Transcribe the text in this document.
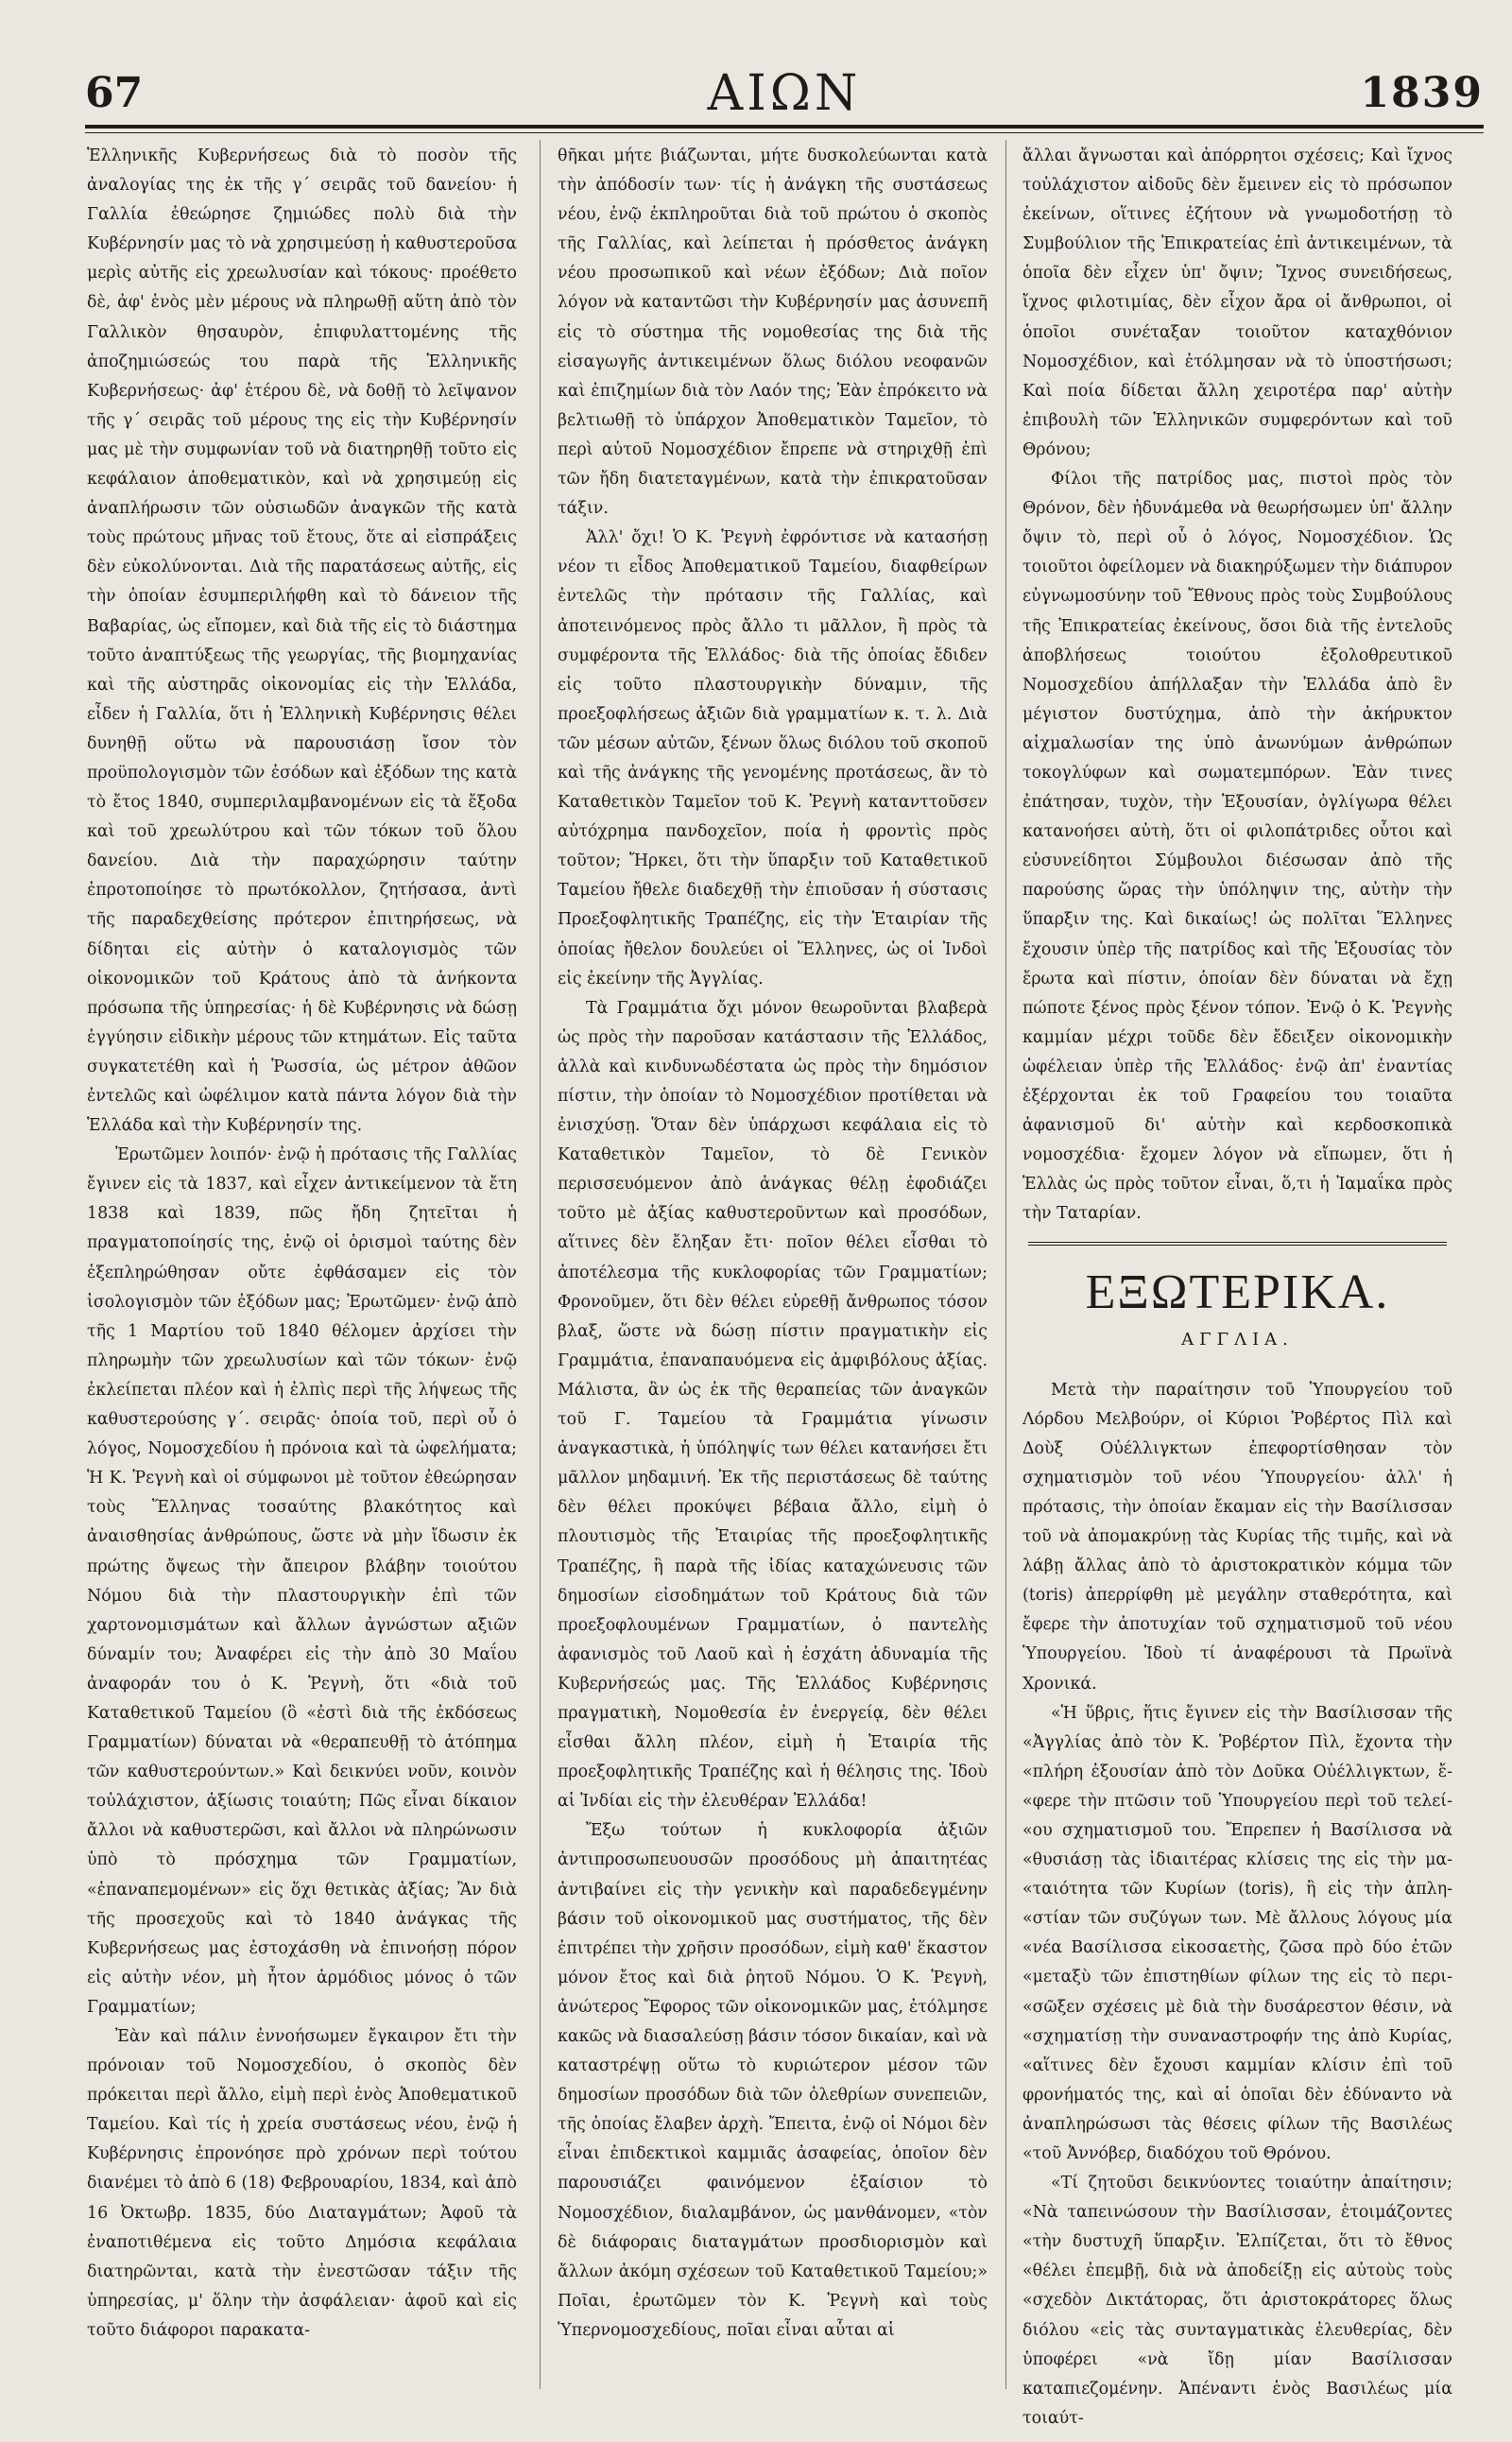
67	ΑΙΩΝ	1839

Ἑλληνικῆς Κυβερνήσεως διὰ τὸ ποσὸν τῆς ἀναλογίας της ἐκ τῆς γ΄ σειρᾶς τοῦ δανείου· ἡ Γαλλία ἐθεώρησε ζημιώδες πολὺ διὰ τὴν Κυβέρνησίν μας τὸ νὰ χρησιμεύσῃ ἡ καθυστεροῦσα μερὶς αὐτῆς εἰς χρεωλυσίαν καὶ τόκους· προέθετο δὲ, ἀφ' ἑνὸς μὲν μέρους νὰ πληρωθῇ αὕτη ἀπὸ τὸν Γαλλικὸν θησαυρὸν, ἐπιφυλαττομένης τῆς ἀποζημιώσεώς του παρὰ τῆς Ἑλληνικῆς Κυβερνήσεως· ἀφ' ἑτέρου δὲ, νὰ δοθῇ τὸ λεῖψανον τῆς γ΄ σειρᾶς τοῦ μέρους της εἰς τὴν Κυβέρνησίν μας μὲ τὴν συμφωνίαν τοῦ νὰ διατηρηθῇ τοῦτο εἰς κεφάλαιον ἀποθεματικὸν, καὶ νὰ χρησιμεύῃ εἰς ἀναπλήρωσιν τῶν οὐσιωδῶν ἀναγκῶν τῆς κατὰ τοὺς πρώτους μῆνας τοῦ ἔτους, ὅτε αἱ εἰσπράξεις δὲν εὐκολύνονται. Διὰ τῆς παρατάσεως αὐτῆς, εἰς τὴν ὁποίαν ἐσυμπεριλήφθη καὶ τὸ δάνειον τῆς Βαβαρίας, ὡς εἴπομεν, καὶ διὰ τῆς εἰς τὸ διάστημα τοῦτο ἀναπτύξεως τῆς γεωργίας, τῆς βιομηχανίας καὶ τῆς αὐστηρᾶς οἰκονομίας εἰς τὴν Ἑλλάδα, εἶδεν ἡ Γαλλία, ὅτι ἡ Ἑλληνικὴ Κυβέρνησις θέλει δυνηθῇ οὕτω νὰ παρουσιάσῃ ἴσον τὸν προϋπολογισμὸν τῶν ἐσόδων καὶ ἐξόδων της κατὰ τὸ ἔτος 1840, συμπεριλαμβανομένων εἰς τὰ ἔξοδα καὶ τοῦ χρεωλύτρου καὶ τῶν τόκων τοῦ ὅλου δανείου. Διὰ τὴν παραχώρησιν ταύτην ἐπροτοποίησε τὸ πρωτόκολλον, ζητήσασα, ἀντὶ τῆς παραδεχθείσης πρότερον ἐπιτηρήσεως, νὰ δίδηται εἰς αὐτὴν ὁ καταλογισμὸς τῶν οἰκονομικῶν τοῦ Κράτους ἀπὸ τὰ ἁνήκοντα πρόσωπα τῆς ὑπηρεσίας· ἡ δὲ Κυβέρνησις νὰ δώσῃ ἐγγύησιν εἰδικὴν μέρους τῶν κτημάτων. Εἰς ταῦτα συγκατετέθη καὶ ἡ Ῥωσσία, ὡς μέτρον ἀθῶον ἐντελῶς καὶ ὠφέλιμον κατὰ πάντα λόγον διὰ τὴν Ἑλλάδα καὶ τὴν Κυβέρνησίν της.

Ἐρωτῶμεν λοιπόν· ἐνῷ ἡ πρότασις τῆς Γαλλίας ἔγινεν εἰς τὰ 1837, καὶ εἶχεν ἀντικείμενον τὰ ἔτη 1838 καὶ 1839, πῶς ἤδη ζητεῖται ἡ πραγματοποίησίς της, ἐνῷ οἱ ὁρισμοὶ ταύτης δὲν ἐξεπληρώθησαν οὔτε ἐφθάσαμεν εἰς τὸν ἰσολογισμὸν τῶν ἐξόδων μας; Ἐρωτῶμεν· ἐνῷ ἀπὸ τῆς 1 Μαρτίου τοῦ 1840 θέλομεν ἀρχίσει τὴν πληρωμὴν τῶν χρεωλυσίων καὶ τῶν τόκων· ἐνῷ ἐκλείπεται πλέον καὶ ἡ ἐλπὶς περὶ τῆς λήψεως τῆς καθυστερούσης γ΄. σειρᾶς· ὁποία τοῦ, περὶ οὗ ὁ λόγος, Νομοσχεδίου ἡ πρόνοια καὶ τὰ ὠφελήματα; Ἡ Κ. Ῥεγνὴ καὶ οἱ σύμφωνοι μὲ τοῦτον ἐθεώρησαν τοὺς Ἕλληνας τοσαύτης βλακότητος καὶ ἀναισθησίας ἀνθρώπους, ὥστε νὰ μὴν ἴδωσιν ἐκ πρώτης ὄψεως τὴν ἄπειρον βλάβην τοιούτου Νόμου διὰ τὴν πλαστουργικὴν ἐπὶ τῶν χαρτονομισμάτων καὶ ἄλλων ἀγνώστων αξιῶν δύναμίν του; Ἀναφέρει εἰς τὴν ἀπὸ 30 Μαΐου ἀναφοράν του ὁ Κ. Ῥεγνὴ, ὅτι «διὰ τοῦ Καταθετικοῦ Ταμείου (ὃ «ἐστὶ διὰ τῆς ἐκδόσεως Γραμματίων) δύναται νὰ «θεραπευθῇ τὸ ἀτόπημα τῶν καθυστερούντων.» Καὶ δεικνύει νοῦν, κοινὸν τοὐλάχιστον, ἀξίωσις τοιαύτη; Πῶς εἶναι δίκαιον ἄλλοι νὰ καθυστερῶσι, καὶ ἄλλοι νὰ πληρώνωσιν ὑπὸ τὸ πρόσχημα τῶν Γραμματίων, «ἐπαναπεμομένων» εἰς ὅχι θετικὰς ἀξίας; Ἂν διὰ τῆς προσεχοῦς καὶ τὸ 1840 ἀνάγκας τῆς Κυβερνήσεως μας ἐστοχάσθη νὰ ἐπινοήσῃ πόρον εἰς αὐτὴν νέον, μὴ ἦτον ἁρμόδιος μόνος ὁ τῶν Γραμματίων;

Ἐὰν καὶ πάλιν ἐννοήσωμεν ἔγκαιρον ἔτι τὴν πρόνοιαν τοῦ Νομοσχεδίου, ὁ σκοπὸς δὲν πρόκειται περὶ ἄλλο, εἰμὴ περὶ ἑνὸς Ἀποθεματικοῦ Ταμείου. Καὶ τίς ἡ χρεία συστάσεως νέου, ἐνῷ ἡ Κυβέρνησις ἐπρονόησε πρὸ χρόνων περὶ τούτου διανέμει τὸ ἀπὸ 6 (18) Φεβρουαρίου, 1834, καὶ ἀπὸ 16 Ὀκτωβρ. 1835, δύο Διαταγμάτων; Ἀφοῦ τὰ ἐναποτιθέμενα εἰς τοῦτο Δημόσια κεφάλαια διατηρῶνται, κατὰ τὴν ἐνεστῶσαν τάξιν τῆς ὑπηρεσίας, μ' ὅλην τὴν ἀσφάλειαν· ἀφοῦ καὶ εἰς τοῦτο διάφοροι παρακατα-

θῆκαι μήτε βιάζωνται, μήτε δυσκολεύωνται κατὰ τὴν ἀπόδοσίν των· τίς ἡ ἀνάγκη τῆς συστάσεως νέου, ἐνῷ ἐκπληροῦται διὰ τοῦ πρώτου ὁ σκοπὸς τῆς Γαλλίας, καὶ λείπεται ἡ πρόσθετος ἀνάγκη νέου προσωπικοῦ καὶ νέων ἐξόδων; Διὰ ποῖον λόγον νὰ καταντῶσι τὴν Κυβέρνησίν μας ἀσυνεπῆ εἰς τὸ σύστημα τῆς νομοθεσίας της διὰ τῆς εἰσαγωγῆς ἀντικειμένων ὅλως διόλου νεοφανῶν καὶ ἐπιζημίων διὰ τὸν Λαόν της; Ἐὰν ἐπρόκειτο νὰ βελτιωθῇ τὸ ὑπάρχον Ἀποθεματικὸν Ταμεῖον, τὸ περὶ αὐτοῦ Νομοσχέδιον ἔπρεπε νὰ στηριχθῇ ἐπὶ τῶν ἤδη διατεταγμένων, κατὰ τὴν ἐπικρατοῦσαν τάξιν.

Ἀλλ' ὄχι! Ὁ Κ. Ῥεγνὴ ἐφρόντισε νὰ κατασήσῃ νέον τι εἶδος Ἀποθεματικοῦ Ταμείου, διαφθείρων ἐντελῶς τὴν πρότασιν τῆς Γαλλίας, καὶ ἀποτεινόμενος πρὸς ἄλλο τι μᾶλλον, ἢ πρὸς τὰ συμφέροντα τῆς Ἑλλάδος· διὰ τῆς ὁποίας ἔδιδεν εἰς τοῦτο πλαστουργικὴν δύναμιν, τῆς προεξοφλήσεως ἀξιῶν διὰ γραμματίων κ. τ. λ. Διὰ τῶν μέσων αὐτῶν, ξένων ὅλως διόλου τοῦ σκοποῦ καὶ τῆς ἀνάγκης τῆς γενομένης προτάσεως, ἂν τὸ Καταθετικὸν Ταμεῖον τοῦ Κ. Ῥεγνὴ κατανττοῦσεν αὐτόχρημα πανδοχεῖον, ποία ἡ φροντὶς πρὸς τοῦτον; Ἤρκει, ὅτι τὴν ὕπαρξιν τοῦ Καταθετικοῦ Ταμείου ἤθελε διαδεχθῇ τὴν ἐπιοῦσαν ἡ σύστασις Προεξοφλητικῆς Τραπέζης, εἰς τὴν Ἑταιρίαν τῆς ὁποίας ἤθελον δουλεύει οἱ Ἕλληνες, ὡς οἱ Ἰνδοὶ εἰς ἐκείνην τῆς Ἀγγλίας.

Τὰ Γραμμάτια ὄχι μόνον θεωροῦνται βλαβερὰ ὡς πρὸς τὴν παροῦσαν κατάστασιν τῆς Ἑλλάδος, ἀλλὰ καὶ κινδυνωδέστατα ὡς πρὸς τὴν δημόσιον πίστιν, τὴν ὁποίαν τὸ Νομοσχέδιον προτίθεται νὰ ἐνισχύσῃ. Ὅταν δὲν ὑπάρχωσι κεφάλαια εἰς τὸ Καταθετικὸν Ταμεῖον, τὸ δὲ Γενικὸν περισσευόμενον ἀπὸ ἀνάγκας θέλῃ ἐφοδιάζει τοῦτο μὲ ἀξίας καθυστεροῦντων καὶ προσόδων, αἵτινες δὲν ἔληξαν ἔτι· ποῖον θέλει εἶσθαι τὸ ἀποτέλεσμα τῆς κυκλοφορίας τῶν Γραμματίων; Φρονοῦμεν, ὅτι δὲν θέλει εὑρεθῇ ἄνθρωπος τόσον βλαξ, ὥστε νὰ δώσῃ πίστιν πραγματικὴν εἰς Γραμμάτια, ἐπαναπαυόμενα εἰς ἀμφιβόλους ἀξίας. Μάλιστα, ἂν ὡς ἐκ τῆς θεραπείας τῶν ἀναγκῶν τοῦ Γ. Ταμείου τὰ Γραμμάτια γίνωσιν ἀναγκαστικὰ, ἡ ὑπόληψίς των θέλει κατανήσει ἔτι μᾶλλον μηδαμινή. Ἐκ τῆς περιστάσεως δὲ ταύτης δὲν θέλει προκύψει βέβαια ἄλλο, εἰμὴ ὁ πλουτισμὸς τῆς Ἑταιρίας τῆς προεξοφλητικῆς Τραπέζης, ἢ παρὰ τῆς ἰδίας καταχώνευσις τῶν δημοσίων εἰσοδημάτων τοῦ Κράτους διὰ τῶν προεξοφλουμένων Γραμματίων, ὁ παντελὴς ἀφανισμὸς τοῦ Λαοῦ καὶ ἡ ἐσχάτη ἀδυναμία τῆς Κυβερνήσεώς μας. Τῆς Ἑλλάδος Κυβέρνησις πραγματικὴ, Νομοθεσία ἐν ἐνεργείᾳ, δὲν θέλει εἶσθαι ἄλλη πλέον, εἰμὴ ἡ Ἑταιρία τῆς προεξοφλητικῆς Τραπέζης καὶ ἡ θέλησις της. Ἰδοὺ αἱ Ἰνδίαι εἰς τὴν ἐλευθέραν Ἑλλάδα!

Ἔξω τούτων ἡ κυκλοφορία ἀξιῶν ἀντιπροσωπευουσῶν προσόδους μὴ ἀπαιτητέας ἀντιβαίνει εἰς τὴν γενικὴν καὶ παραδεδεγμένην βάσιν τοῦ οἰκονομικοῦ μας συστήματος, τῆς δὲν ἐπιτρέπει τὴν χρῆσιν προσόδων, εἰμὴ καθ' ἕκαστον μόνον ἔτος καὶ διὰ ῥητοῦ Νόμου. Ὁ Κ. Ῥεγνὴ, ἀνώτερος Ἔφορος τῶν οἰκονομικῶν μας, ἐτόλμησε κακῶς νὰ διασαλεύσῃ βάσιν τόσον δικαίαν, καὶ νὰ καταστρέψῃ οὕτω τὸ κυριώτερον μέσον τῶν δημοσίων προσόδων διὰ τῶν ὀλεθρίων συνεπειῶν, τῆς ὁποίας ἔλαβεν ἀρχὴ. Ἔπειτα, ἐνῷ οἱ Νόμοι δὲν εἶναι ἐπιδεκτικοὶ καμμιᾶς ἀσαφείας, ὁποῖον δὲν παρουσιάζει φαινόμενον ἐξαίσιον τὸ Νομοσχέδιον, διαλαμβάνον, ὡς μανθάνομεν, «τὸν δὲ διάφοραις διαταγμάτων προσδιορισμὸν καὶ ἄλλων ἀκόμη σχέσεων τοῦ Καταθετικοῦ Ταμείου;» Ποῖαι, ἐρωτῶμεν τὸν Κ. Ῥεγνὴ καὶ τοὺς Ὑπερνομοσχεδίους, ποῖαι εἶναι αὗται αἱ

ἄλλαι ἄγνωσται καὶ ἀπόρρητοι σχέσεις; Καὶ ἴχνος τοὐλάχιστον αἰδοῦς δὲν ἔμεινεν εἰς τὸ πρόσωπον ἐκείνων, οἵτινες ἐζήτουν νὰ γνωμοδοτήσῃ τὸ Συμβούλιον τῆς Ἐπικρατείας ἐπὶ ἀντικειμένων, τὰ ὁποῖα δὲν εἶχεν ὑπ' ὄψιν; Ἴχνος συνειδήσεως, ἴχνος φιλοτιμίας, δὲν εἶχον ἄρα οἱ ἄνθρωποι, οἱ ὁποῖοι συνέταξαν τοιοῦτον καταχθόνιον Νομοσχέδιον, καὶ ἐτόλμησαν νὰ τὸ ὑποστήσωσι; Καὶ ποία δίδεται ἄλλη χειροτέρα παρ' αὐτὴν ἐπιβουλὴ τῶν Ἑλληνικῶν συμφερόντων καὶ τοῦ Θρόνου;

Φίλοι τῆς πατρίδος μας, πιστοὶ πρὸς τὸν Θρόνον, δὲν ἠδυνάμεθα νὰ θεωρήσωμεν ὑπ' ἄλλην ὄψιν τὸ, περὶ οὗ ὁ λόγος, Νομοσχέδιον. Ὡς τοιοῦτοι ὀφείλομεν νὰ διακηρύξωμεν τὴν διάπυρον εὐγνωμοσύνην τοῦ Ἔθνους πρὸς τοὺς Συμβούλους τῆς Ἐπικρατείας ἐκείνους, ὅσοι διὰ τῆς ἐντελοῦς ἀποβλήσεως τοιούτου ἐξολοθρευτικοῦ Νομοσχεδίου ἀπήλλαξαν τὴν Ἑλλάδα ἀπὸ ἓν μέγιστον δυστύχημα, ἀπὸ τὴν ἀκήρυκτον αἰχμαλωσίαν της ὑπὸ ἀνωνύμων ἀνθρώπων τοκογλύφων καὶ σωματεμπόρων. Ἐὰν τινες ἐπάτησαν, τυχὸν, τὴν Ἐξουσίαν, ὀγλίγωρα θέλει κατανοήσει αὐτὴ, ὅτι οἱ φιλοπάτριδες οὗτοι καὶ εὐσυνείδητοι Σύμβουλοι διέσωσαν ἀπὸ τῆς παρούσης ὥρας τὴν ὑπόληψιν της, αὐτὴν τὴν ὕπαρξιν της. Καὶ δικαίως! ὡς πολῖται Ἕλληνες ἔχουσιν ὑπὲρ τῆς πατρίδος καὶ τῆς Ἐξουσίας τὸν ἔρωτα καὶ πίστιν, ὁποίαν δὲν δύναται νὰ ἔχῃ πώποτε ξένος πρὸς ξένον τόπον. Ἐνῷ ὁ Κ. Ῥεγνὴς καμμίαν μέχρι τοῦδε δὲν ἔδειξεν οἰκονομικὴν ὠφέλειαν ὑπὲρ τῆς Ἑλλάδος· ἐνῷ ἀπ' ἐναντίας ἐξέρχονται ἐκ τοῦ Γραφείου του τοιαῦτα ἀφανισμοῦ δι' αὐτὴν καὶ κερδοσκοπικὰ νομοσχέδια· ἔχομεν λόγον νὰ εἴπωμεν, ὅτι ἡ Ἑλλὰς ὡς πρὸς τοῦτον εἶναι, ὅ,τι ἡ Ἰαμαΐκα πρὸς τὴν Ταταρίαν.

ΕΞΩΤΕΡΙΚΑ.
ΑΓΓΛΙΑ.

Μετὰ τὴν παραίτησιν τοῦ Ὑπουργείου τοῦ Λόρδου Μελβούρν, οἱ Κύριοι Ῥοβέρτος Πὶλ καὶ Δοὺξ Οὐέλλιγκτων ἐπεφορτίσθησαν τὸν σχηματισμὸν τοῦ νέου Ὑπουργείου· ἀλλ' ἡ πρότασις, τὴν ὁποίαν ἔκαμαν εἰς τὴν Βασίλισσαν τοῦ νὰ ἀπομακρύνῃ τὰς Κυρίας τῆς τιμῆς, καὶ νὰ λάβῃ ἄλλας ἀπὸ τὸ ἀριστοκρατικὸν κόμμα τῶν (toris) ἀπερρίφθη μὲ μεγάλην σταθερότητα, καὶ ἔφερε τὴν ἀποτυχίαν τοῦ σχηματισμοῦ τοῦ νέου Ὑπουργείου. Ἰδοὺ τί ἀναφέρουσι τὰ Πρωϊνὰ Χρονικά.

«Ἡ ὕβρις, ἥτις ἔγινεν εἰς τὴν Βασίλισσαν τῆς «Ἀγγλίας ἀπὸ τὸν Κ. Ῥοβέρτον Πὶλ, ἔχοντα τὴν «πλήρη ἐξουσίαν ἀπὸ τὸν Δοῦκα Οὐέλλιγκτων, ἔ- «φερε τὴν πτῶσιν τοῦ Ὑπουργείου περὶ τοῦ τελεί- «ου σχηματισμοῦ του. Ἔπρεπεν ἡ Βασίλισσα νὰ «θυσιάσῃ τὰς ἰδιαιτέρας κλίσεις της εἰς τὴν μα- «ταιότητα τῶν Κυρίων (toris), ἢ εἰς τὴν ἀπλη- «στίαν τῶν συζύγων των. Μὲ ἄλλους λόγους μία «νέα Βασίλισσα εἰκοσαετὴς, ζῶσα πρὸ δύο ἐτῶν «μεταξὺ τῶν ἐπιστηθίων φίλων της εἰς τὸ περι- «σῶξεν σχέσεις μὲ διὰ τὴν δυσάρεστον θέσιν, νὰ «σχηματίσῃ τὴν συναναστροφήν της ἀπὸ Κυρίας, «αἵτινες δὲν ἔχουσι καμμίαν κλίσιν ἐπὶ τοῦ φρονήματός της, καὶ αἱ ὁποῖαι δὲν ἐδύναντο νὰ ἀναπληρώσωσι τὰς θέσεις φίλων τῆς Βασιλέως «τοῦ Ἀννόβερ, διαδόχου τοῦ Θρόνου.

«Τί ζητοῦσι δεικνύοντες τοιαύτην ἀπαίτησιν; «Νὰ ταπεινώσουν τὴν Βασίλισσαν, ἑτοιμάζοντες «τὴν δυστυχῆ ὕπαρξιν. Ἐλπίζεται, ὅτι τὸ ἔθνος «θέλει ἐπεμβῇ, διὰ νὰ ἀποδείξῃ εἰς αὐτοὺς τοὺς «σχεδὸν Δικτάτορας, ὅτι ἀριστοκράτορες ὅλως διόλου «εἰς τὰς συνταγματικὰς ἐλευθερίας, δὲν ὑποφέρει «νὰ ἴδῃ μίαν Βασίλισσαν καταπιεζομένην. Ἀπέναντι ἑνὸς Βασιλέως μία τοιαύτ-
